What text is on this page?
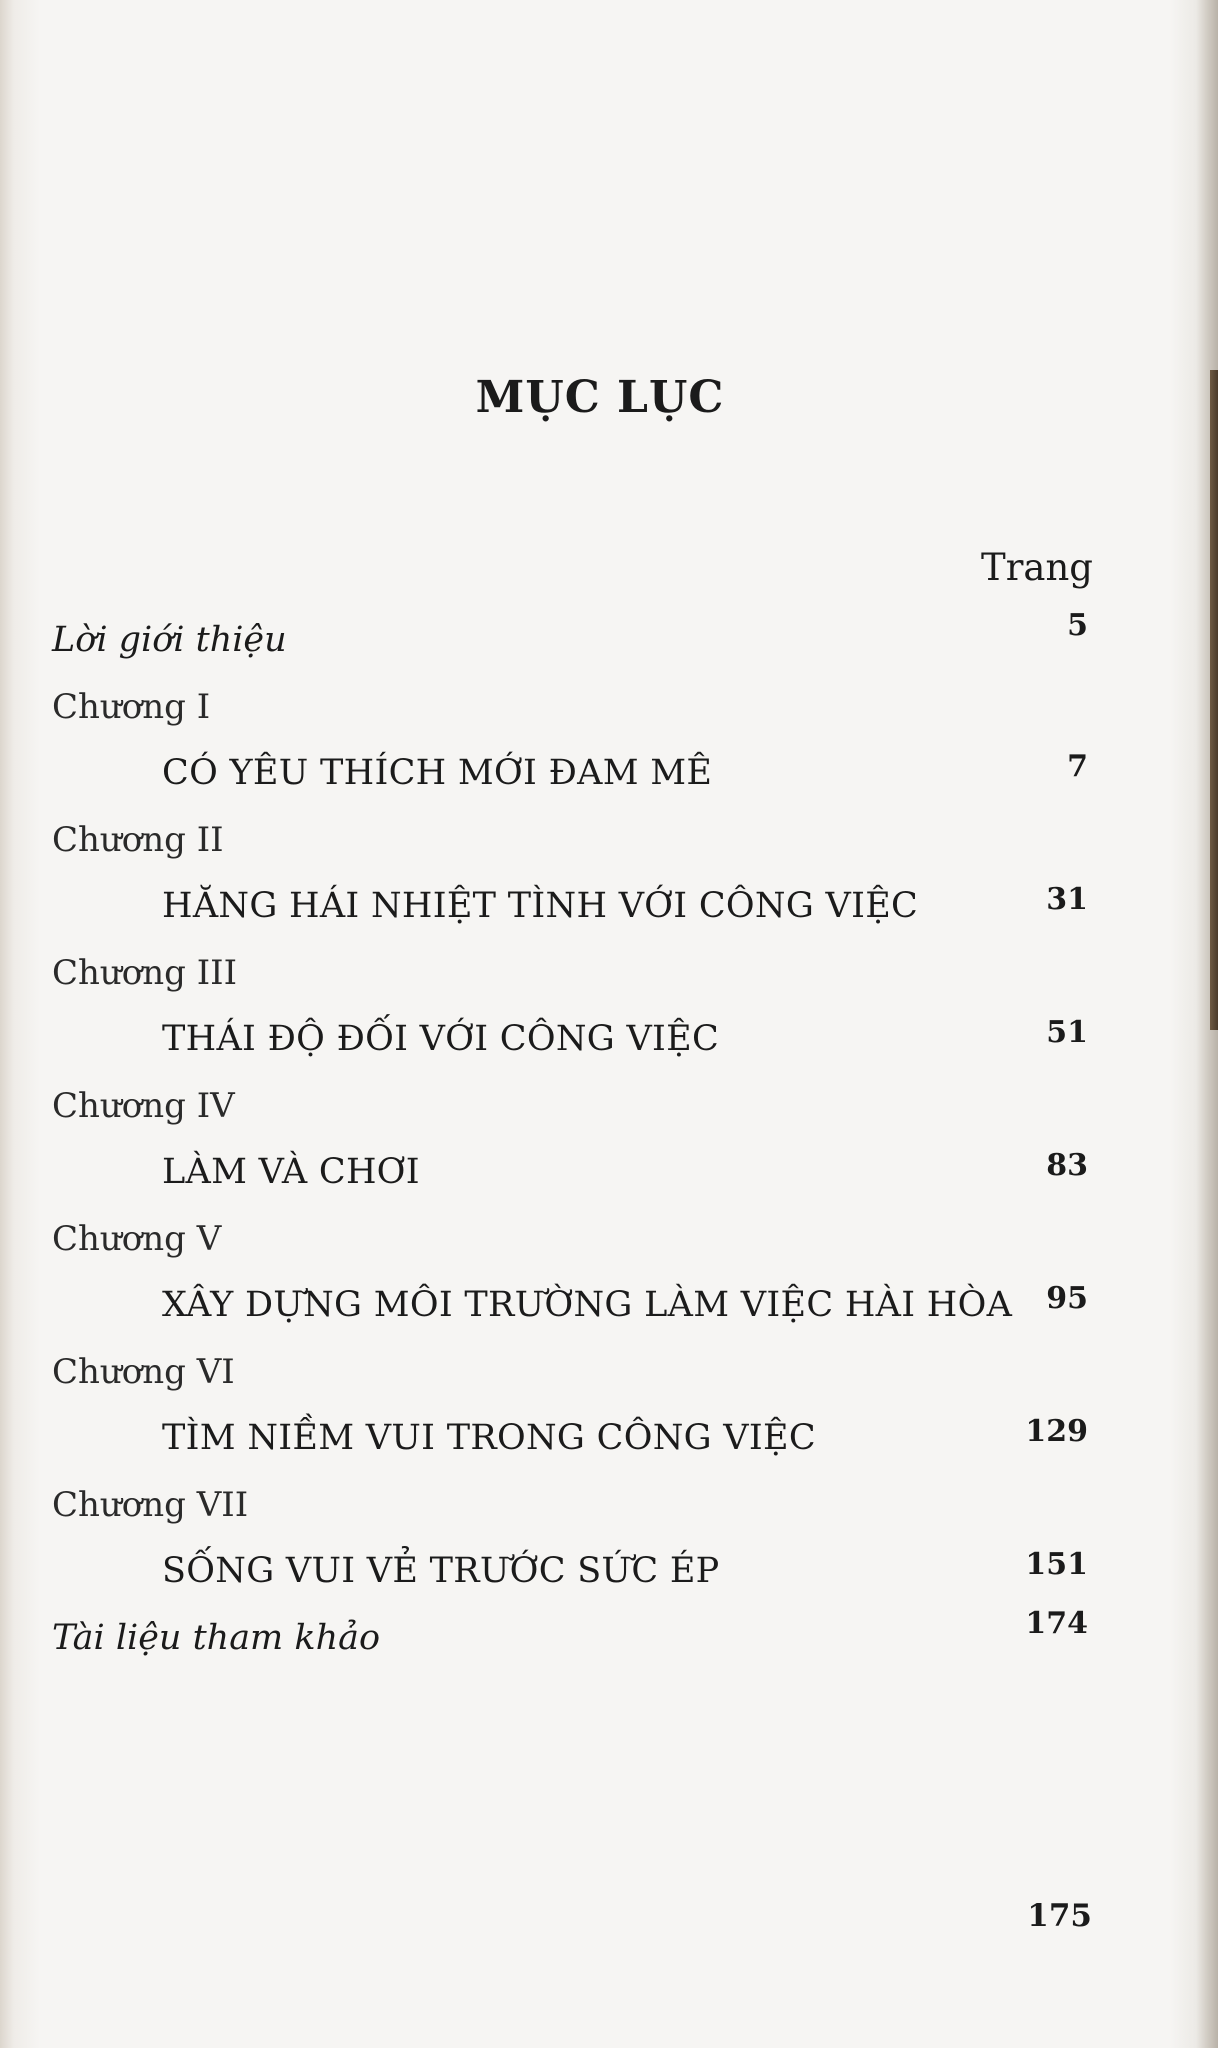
MỤC LỤC
Trang
Lời giới thiệu	5
Chương I
CÓ YÊU THÍCH MỚI ĐAM MÊ	7
Chương II
HĂNG HÁI NHIỆT TÌNH VỚI CÔNG VIỆC	31
Chương III
THÁI ĐỘ ĐỐI VỚI CÔNG VIỆC	51
Chương IV
LÀM VÀ CHƠI	83
Chương V
XÂY DỰNG MÔI TRƯỜNG LÀM VIỆC HÀI HÒA 95
Chương VI
TÌM NIỀM VUI TRONG CÔNG VIỆC	129
Chương VII
SỐNG VUI VẺ TRƯỚC SỨC ÉP	151
Tài liệu tham khảo	174
175
